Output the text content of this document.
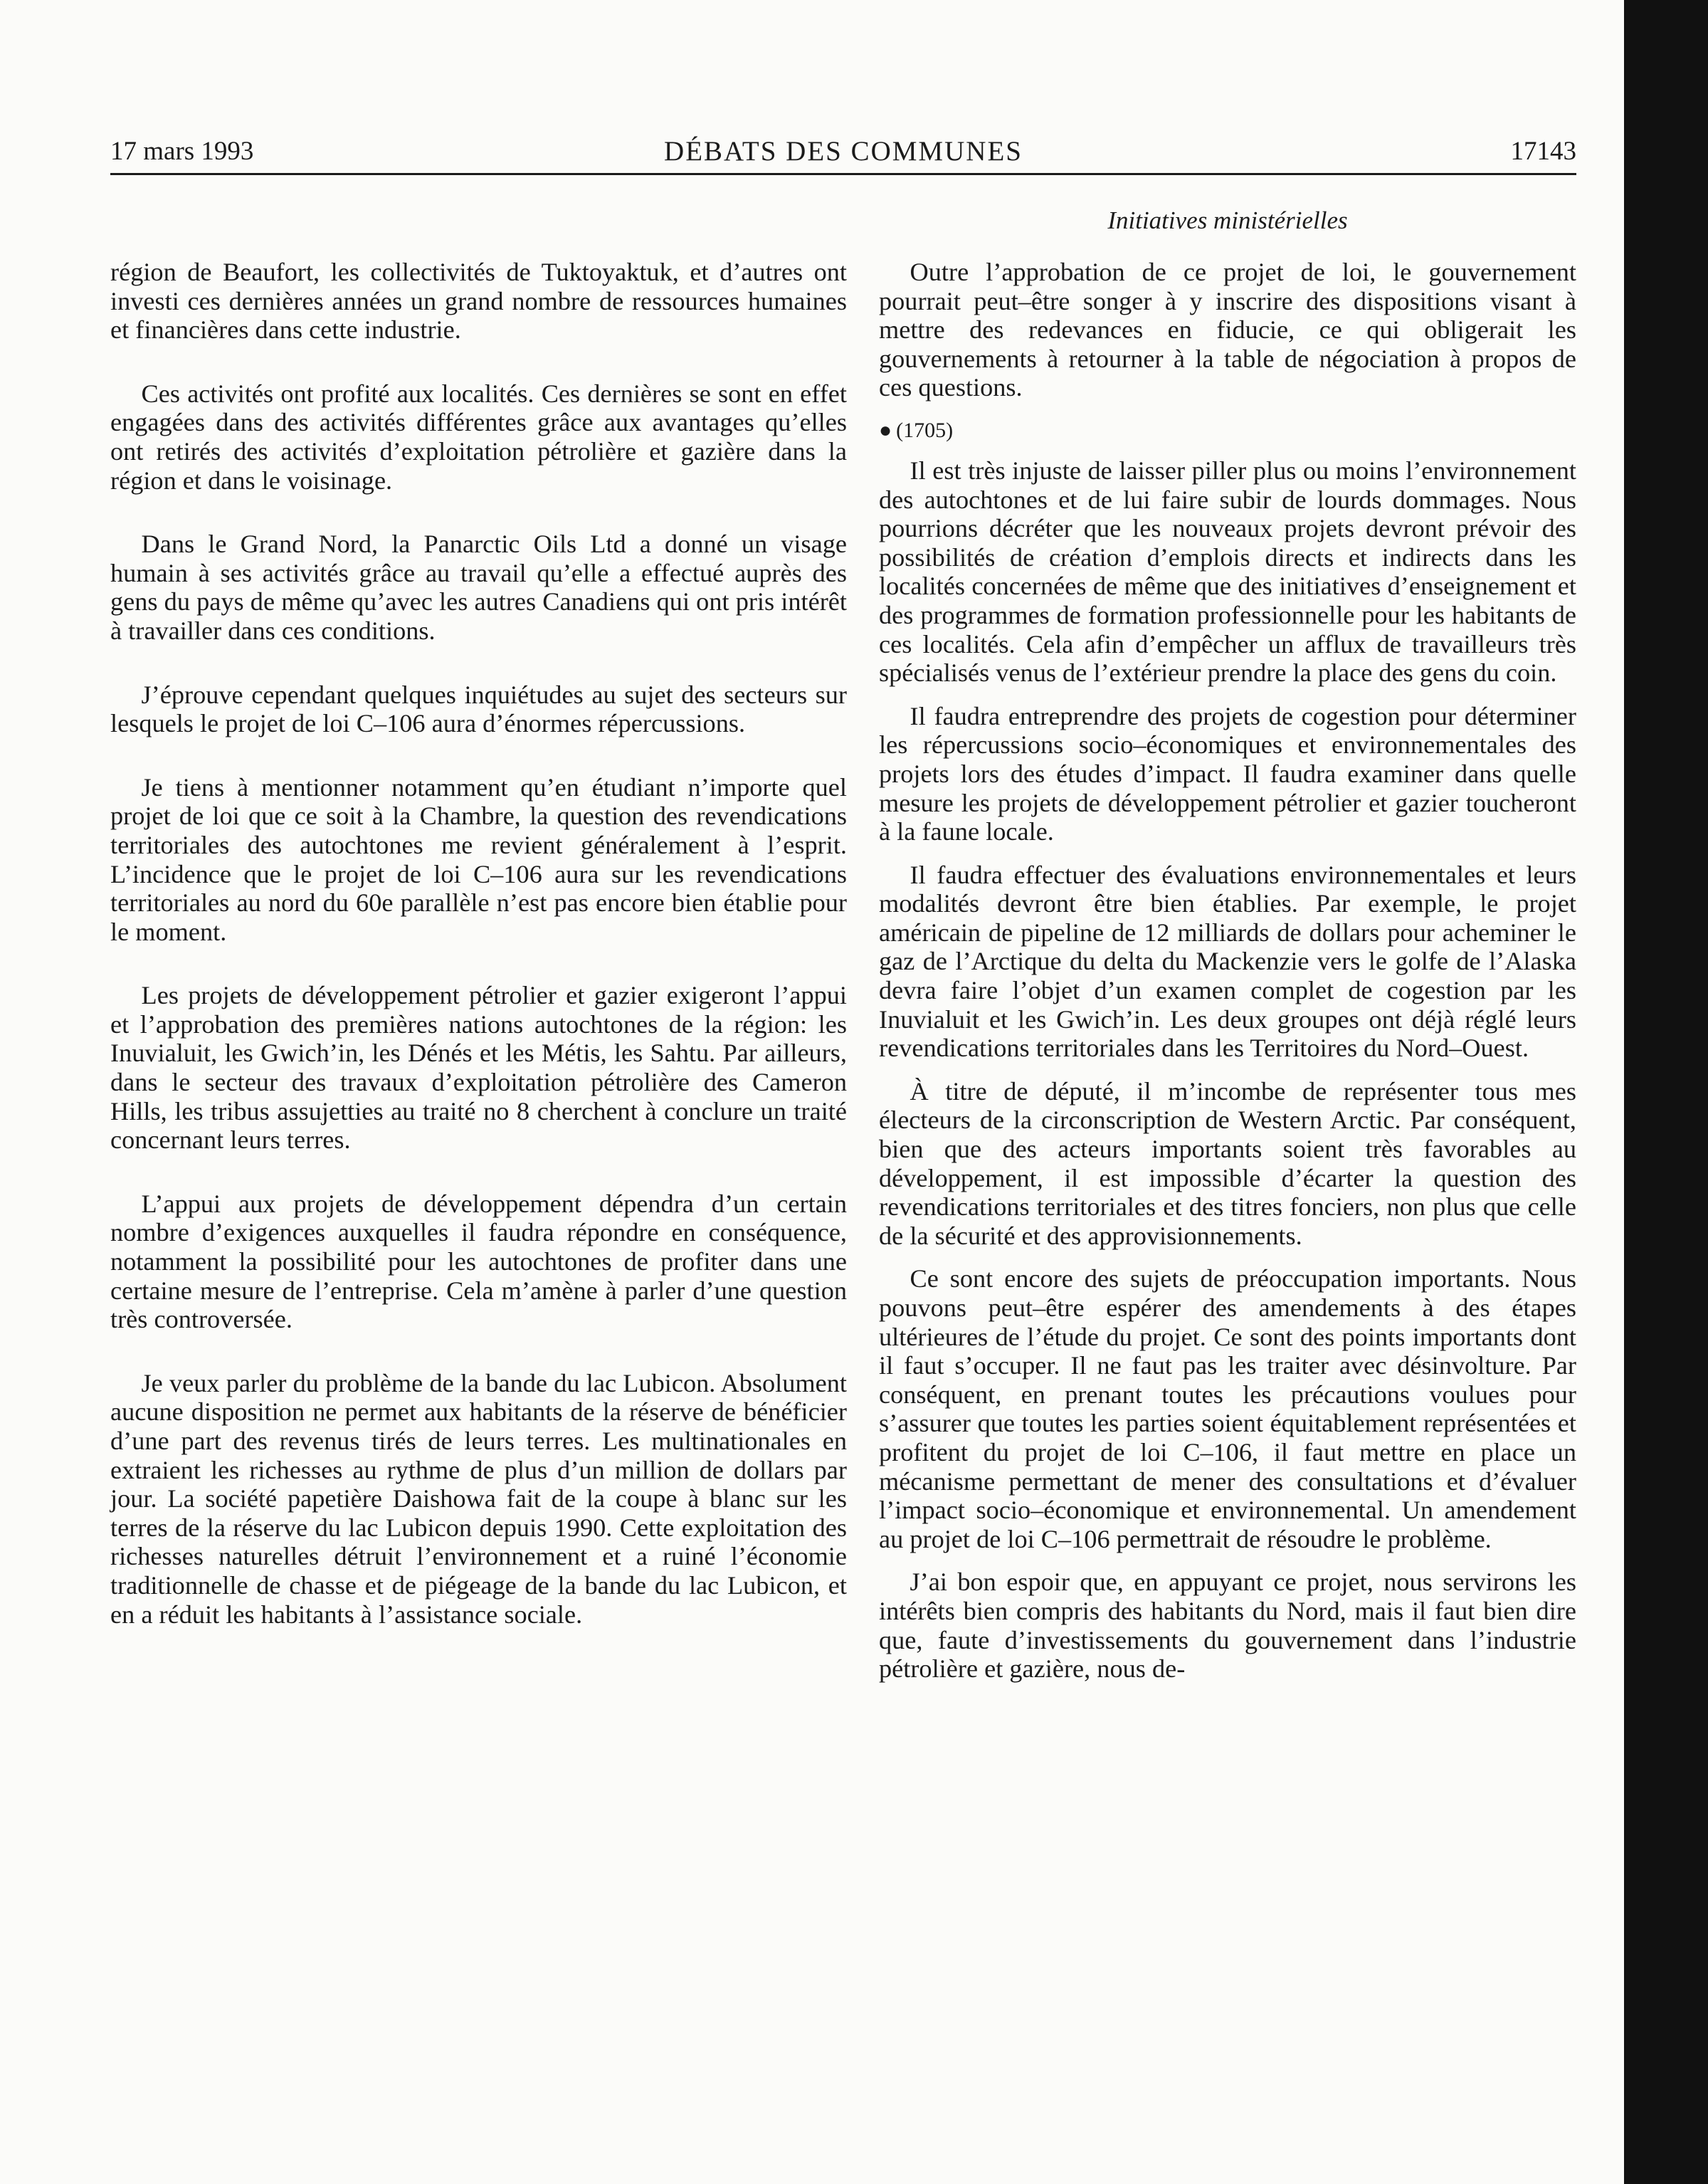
17 mars 1993	DÉBATS DES COMMUNES	17143
Initiatives ministérielles

région de Beaufort, les collectivités de Tuktoyaktuk, et d’autres ont investi ces dernières années un grand nombre de ressources humaines et financières dans cette industrie.

Ces activités ont profité aux localités. Ces dernières se sont en effet engagées dans des activités différentes grâce aux avantages qu’elles ont retirés des activités d’exploitation pétrolière et gazière dans la région et dans le voisinage.

Dans le Grand Nord, la Panarctic Oils Ltd a donné un visage humain à ses activités grâce au travail qu’elle a effectué auprès des gens du pays de même qu’avec les autres Canadiens qui ont pris intérêt à travailler dans ces conditions.

J’éprouve cependant quelques inquiétudes au sujet des secteurs sur lesquels le projet de loi C–106 aura d’énormes répercussions.

Je tiens à mentionner notamment qu’en étudiant n’importe quel projet de loi que ce soit à la Chambre, la question des revendications territoriales des autochtones me revient généralement à l’esprit. L’incidence que le projet de loi C–106 aura sur les revendications territoriales au nord du 60e parallèle n’est pas encore bien établie pour le moment.

Les projets de développement pétrolier et gazier exigeront l’appui et l’approbation des premières nations autochtones de la région: les Inuvialuit, les Gwich’in, les Dénés et les Métis, les Sahtu. Par ailleurs, dans le secteur des travaux d’exploitation pétrolière des Cameron Hills, les tribus assujetties au traité no 8 cherchent à conclure un traité concernant leurs terres.

L’appui aux projets de développement dépendra d’un certain nombre d’exigences auxquelles il faudra répondre en conséquence, notamment la possibilité pour les autochtones de profiter dans une certaine mesure de l’entreprise. Cela m’amène à parler d’une question très controversée.

Je veux parler du problème de la bande du lac Lubicon. Absolument aucune disposition ne permet aux habitants de la réserve de bénéficier d’une part des revenus tirés de leurs terres. Les multinationales en extraient les richesses au rythme de plus d’un million de dollars par jour. La société papetière Daishowa fait de la coupe à blanc sur les terres de la réserve du lac Lubicon depuis 1990. Cette exploitation des richesses naturelles détruit l’environnement et a ruiné l’économie traditionnelle de chasse et de piégeage de la bande du lac Lubicon, et en a réduit les habitants à l’assistance sociale.

Outre l’approbation de ce projet de loi, le gouvernement pourrait peut–être songer à y inscrire des dispositions visant à mettre des redevances en fiducie, ce qui obligerait les gouvernements à retourner à la table de négociation à propos de ces questions.

● (1705)

Il est très injuste de laisser piller plus ou moins l’environnement des autochtones et de lui faire subir de lourds dommages. Nous pourrions décréter que les nouveaux projets devront prévoir des possibilités de création d’emplois directs et indirects dans les localités concernées de même que des initiatives d’enseignement et des programmes de formation professionnelle pour les habitants de ces localités. Cela afin d’empêcher un afflux de travailleurs très spécialisés venus de l’extérieur prendre la place des gens du coin.

Il faudra entreprendre des projets de cogestion pour déterminer les répercussions socio–économiques et environnementales des projets lors des études d’impact. Il faudra examiner dans quelle mesure les projets de développement pétrolier et gazier toucheront à la faune locale.

Il faudra effectuer des évaluations environnementales et leurs modalités devront être bien établies. Par exemple, le projet américain de pipeline de 12 milliards de dollars pour acheminer le gaz de l’Arctique du delta du Mackenzie vers le golfe de l’Alaska devra faire l’objet d’un examen complet de cogestion par les Inuvialuit et les Gwich’in. Les deux groupes ont déjà réglé leurs revendications territoriales dans les Territoires du Nord–Ouest.

À titre de député, il m’incombe de représenter tous mes électeurs de la circonscription de Western Arctic. Par conséquent, bien que des acteurs importants soient très favorables au développement, il est impossible d’écarter la question des revendications territoriales et des titres fonciers, non plus que celle de la sécurité et des approvisionnements.

Ce sont encore des sujets de préoccupation importants. Nous pouvons peut–être espérer des amendements à des étapes ultérieures de l’étude du projet. Ce sont des points importants dont il faut s’occuper. Il ne faut pas les traiter avec désinvolture. Par conséquent, en prenant toutes les précautions voulues pour s’assurer que toutes les parties soient équitablement représentées et profitent du projet de loi C–106, il faut mettre en place un mécanisme permettant de mener des consultations et d’évaluer l’impact socio–économique et environnemental. Un amendement au projet de loi C–106 permettrait de résoudre le problème.

J’ai bon espoir que, en appuyant ce projet, nous servirons les intérêts bien compris des habitants du Nord, mais il faut bien dire que, faute d’investissements du gouvernement dans l’industrie pétrolière et gazière, nous de-
